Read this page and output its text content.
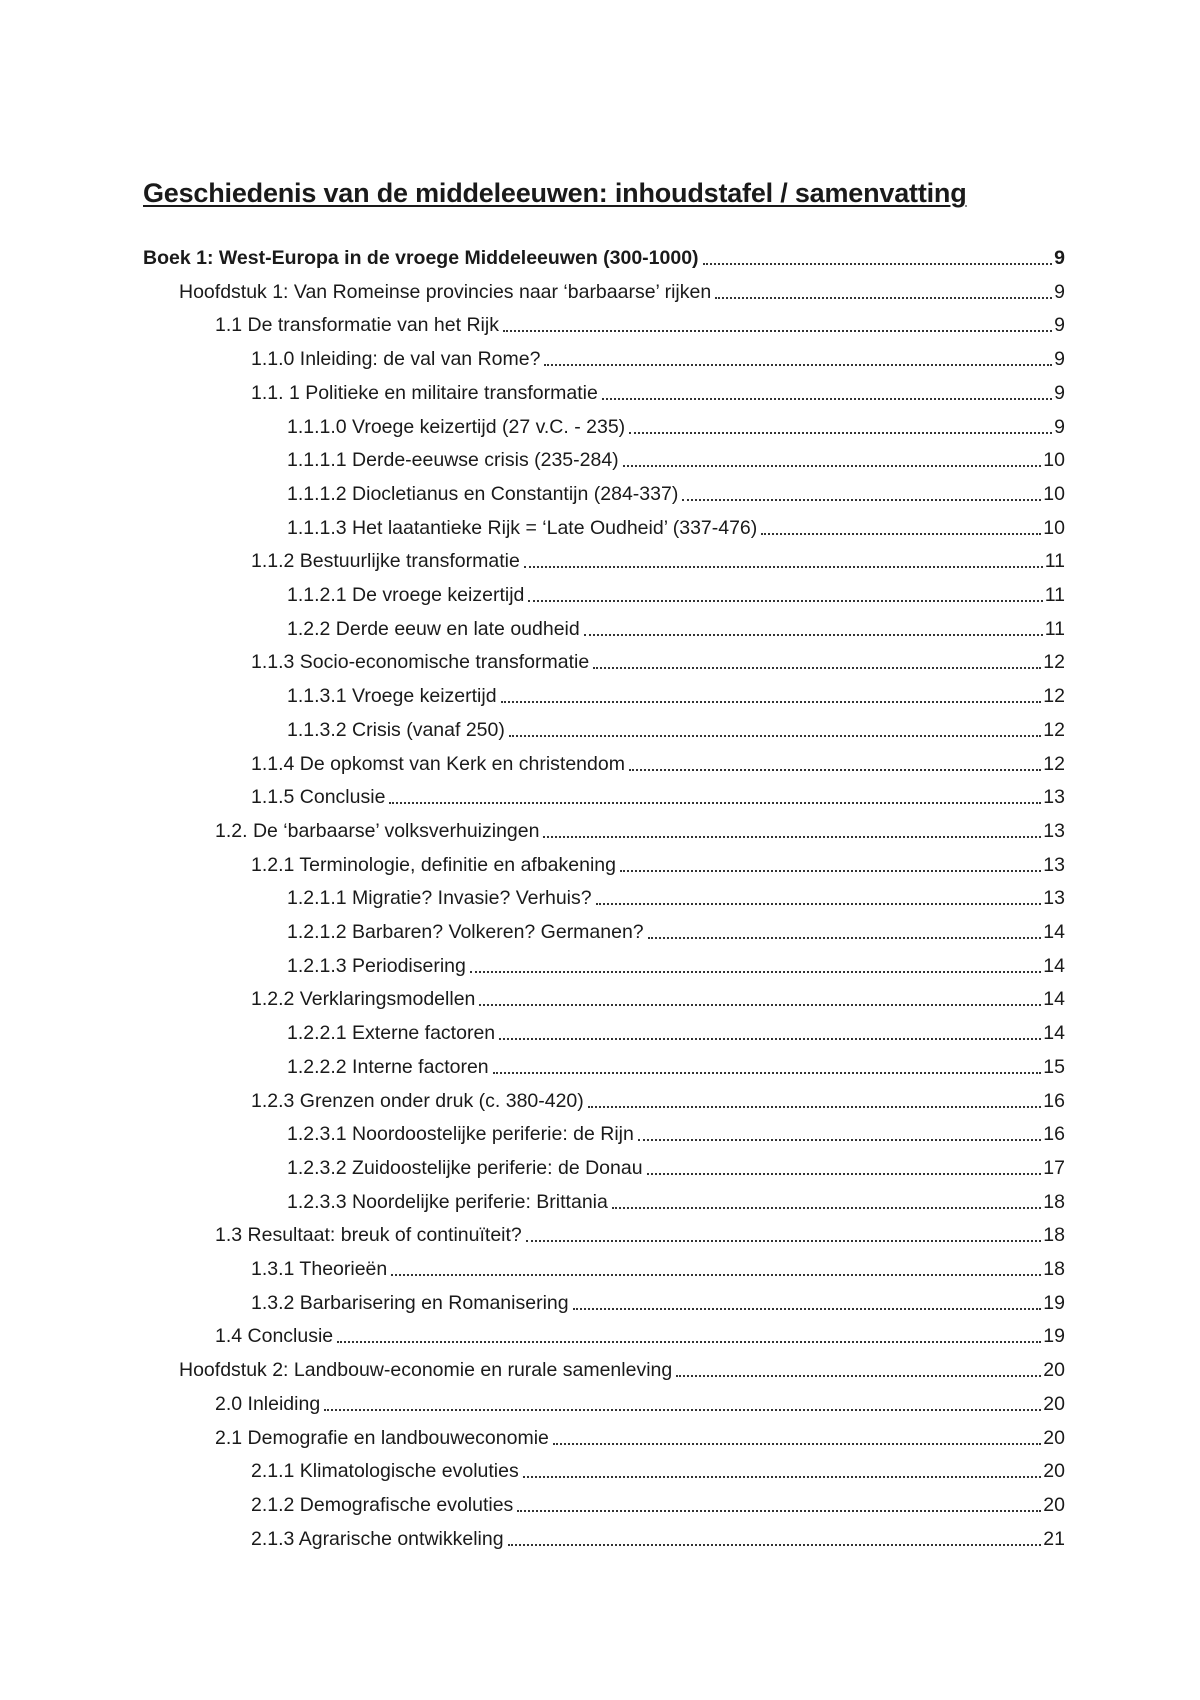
Geschiedenis van de middeleeuwen: inhoudstafel / samenvatting
Boek 1: West-Europa in de vroege Middeleeuwen (300-1000)	9
Hoofdstuk 1: Van Romeinse provincies naar ‘barbaarse’ rijken	9
1.1 De transformatie van het Rijk	9
1.1.0 Inleiding: de val van Rome?	9
1.1. 1 Politieke en militaire transformatie	9
1.1.1.0 Vroege keizertijd (27 v.C. - 235)	9
1.1.1.1 Derde-eeuwse crisis (235-284)	10
1.1.1.2 Diocletianus en Constantijn (284-337)	10
1.1.1.3 Het laatantieke Rijk = ‘Late Oudheid’ (337-476)	10
1.1.2 Bestuurlijke transformatie	11
1.1.2.1 De vroege keizertijd	11
1.2.2 Derde eeuw en late oudheid	11
1.1.3 Socio-economische transformatie	12
1.1.3.1 Vroege keizertijd	12
1.1.3.2 Crisis (vanaf 250)	12
1.1.4 De opkomst van Kerk en christendom	12
1.1.5 Conclusie	13
1.2. De ‘barbaarse’ volksverhuizingen	13
1.2.1 Terminologie, definitie en afbakening	13
1.2.1.1 Migratie? Invasie? Verhuis?	13
1.2.1.2 Barbaren? Volkeren? Germanen?	14
1.2.1.3 Periodisering	14
1.2.2 Verklaringsmodellen	14
1.2.2.1 Externe factoren	14
1.2.2.2 Interne factoren	15
1.2.3 Grenzen onder druk (c. 380-420)	16
1.2.3.1 Noordoostelijke periferie: de Rijn	16
1.2.3.2 Zuidoostelijke periferie: de Donau	17
1.2.3.3 Noordelijke periferie: Brittania	18
1.3 Resultaat: breuk of continuïteit?	18
1.3.1 Theorieën	18
1.3.2 Barbarisering en Romanisering	19
1.4 Conclusie	19
Hoofdstuk 2: Landbouw-economie en rurale samenleving	20
2.0 Inleiding	20
2.1 Demografie en landbouweconomie	20
2.1.1 Klimatologische evoluties	20
2.1.2 Demografische evoluties	20
2.1.3 Agrarische ontwikkeling	21
